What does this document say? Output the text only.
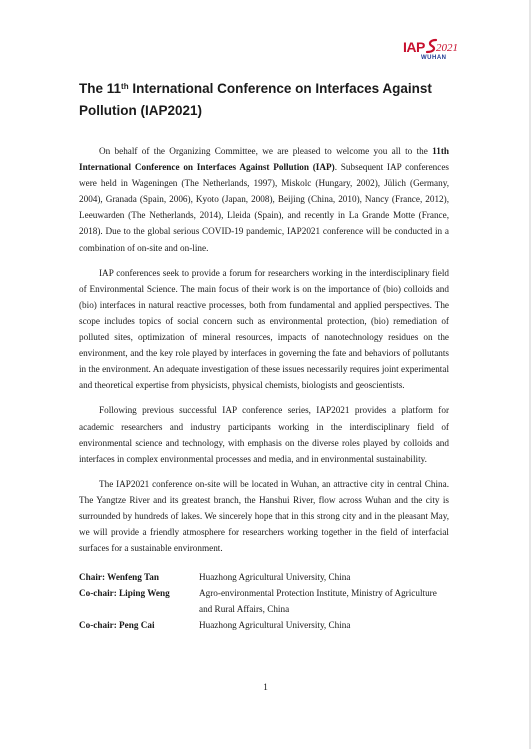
IAP 2021
WUHAN
The 11th International Conference on Interfaces Against Pollution (IAP2021)

On behalf of the Organizing Committee, we are pleased to welcome you all to the 11th International Conference on Interfaces Against Pollution (IAP). Subsequent IAP conferences were held in Wageningen (The Netherlands, 1997), Miskolc (Hungary, 2002), Jülich (Germany, 2004), Granada (Spain, 2006), Kyoto (Japan, 2008), Beijing (China, 2010), Nancy (France, 2012), Leeuwarden (The Netherlands, 2014), Lleida (Spain), and recently in La Grande Motte (France, 2018). Due to the global serious COVID-19 pandemic, IAP2021 conference will be conducted in a combination of on-site and on-line.

IAP conferences seek to provide a forum for researchers working in the interdisciplinary field of Environmental Science. The main focus of their work is on the importance of (bio) colloids and (bio) interfaces in natural reactive processes, both from fundamental and applied perspectives. The scope includes topics of social concern such as environmental protection, (bio) remediation of polluted sites, optimization of mineral resources, impacts of nanotechnology residues on the environment, and the key role played by interfaces in governing the fate and behaviors of pollutants in the environment. An adequate investigation of these issues necessarily requires joint experimental and theoretical expertise from physicists, physical chemists, biologists and geoscientists.

Following previous successful IAP conference series, IAP2021 provides a platform for academic researchers and industry participants working in the interdisciplinary field of environmental science and technology, with emphasis on the diverse roles played by colloids and interfaces in complex environmental processes and media, and in environmental sustainability.

The IAP2021 conference on-site will be located in Wuhan, an attractive city in central China. The Yangtze River and its greatest branch, the Hanshui River, flow across Wuhan and the city is surrounded by hundreds of lakes. We sincerely hope that in this strong city and in the pleasant May, we will provide a friendly atmosphere for researchers working together in the field of interfacial surfaces for a sustainable environment.

Chair: Wenfeng Tan	Huazhong Agricultural University, China
Co-chair: Liping Weng	Agro-environmental Protection Institute, Ministry of Agriculture and Rural Affairs, China
Co-chair: Peng Cai	Huazhong Agricultural University, China
1
